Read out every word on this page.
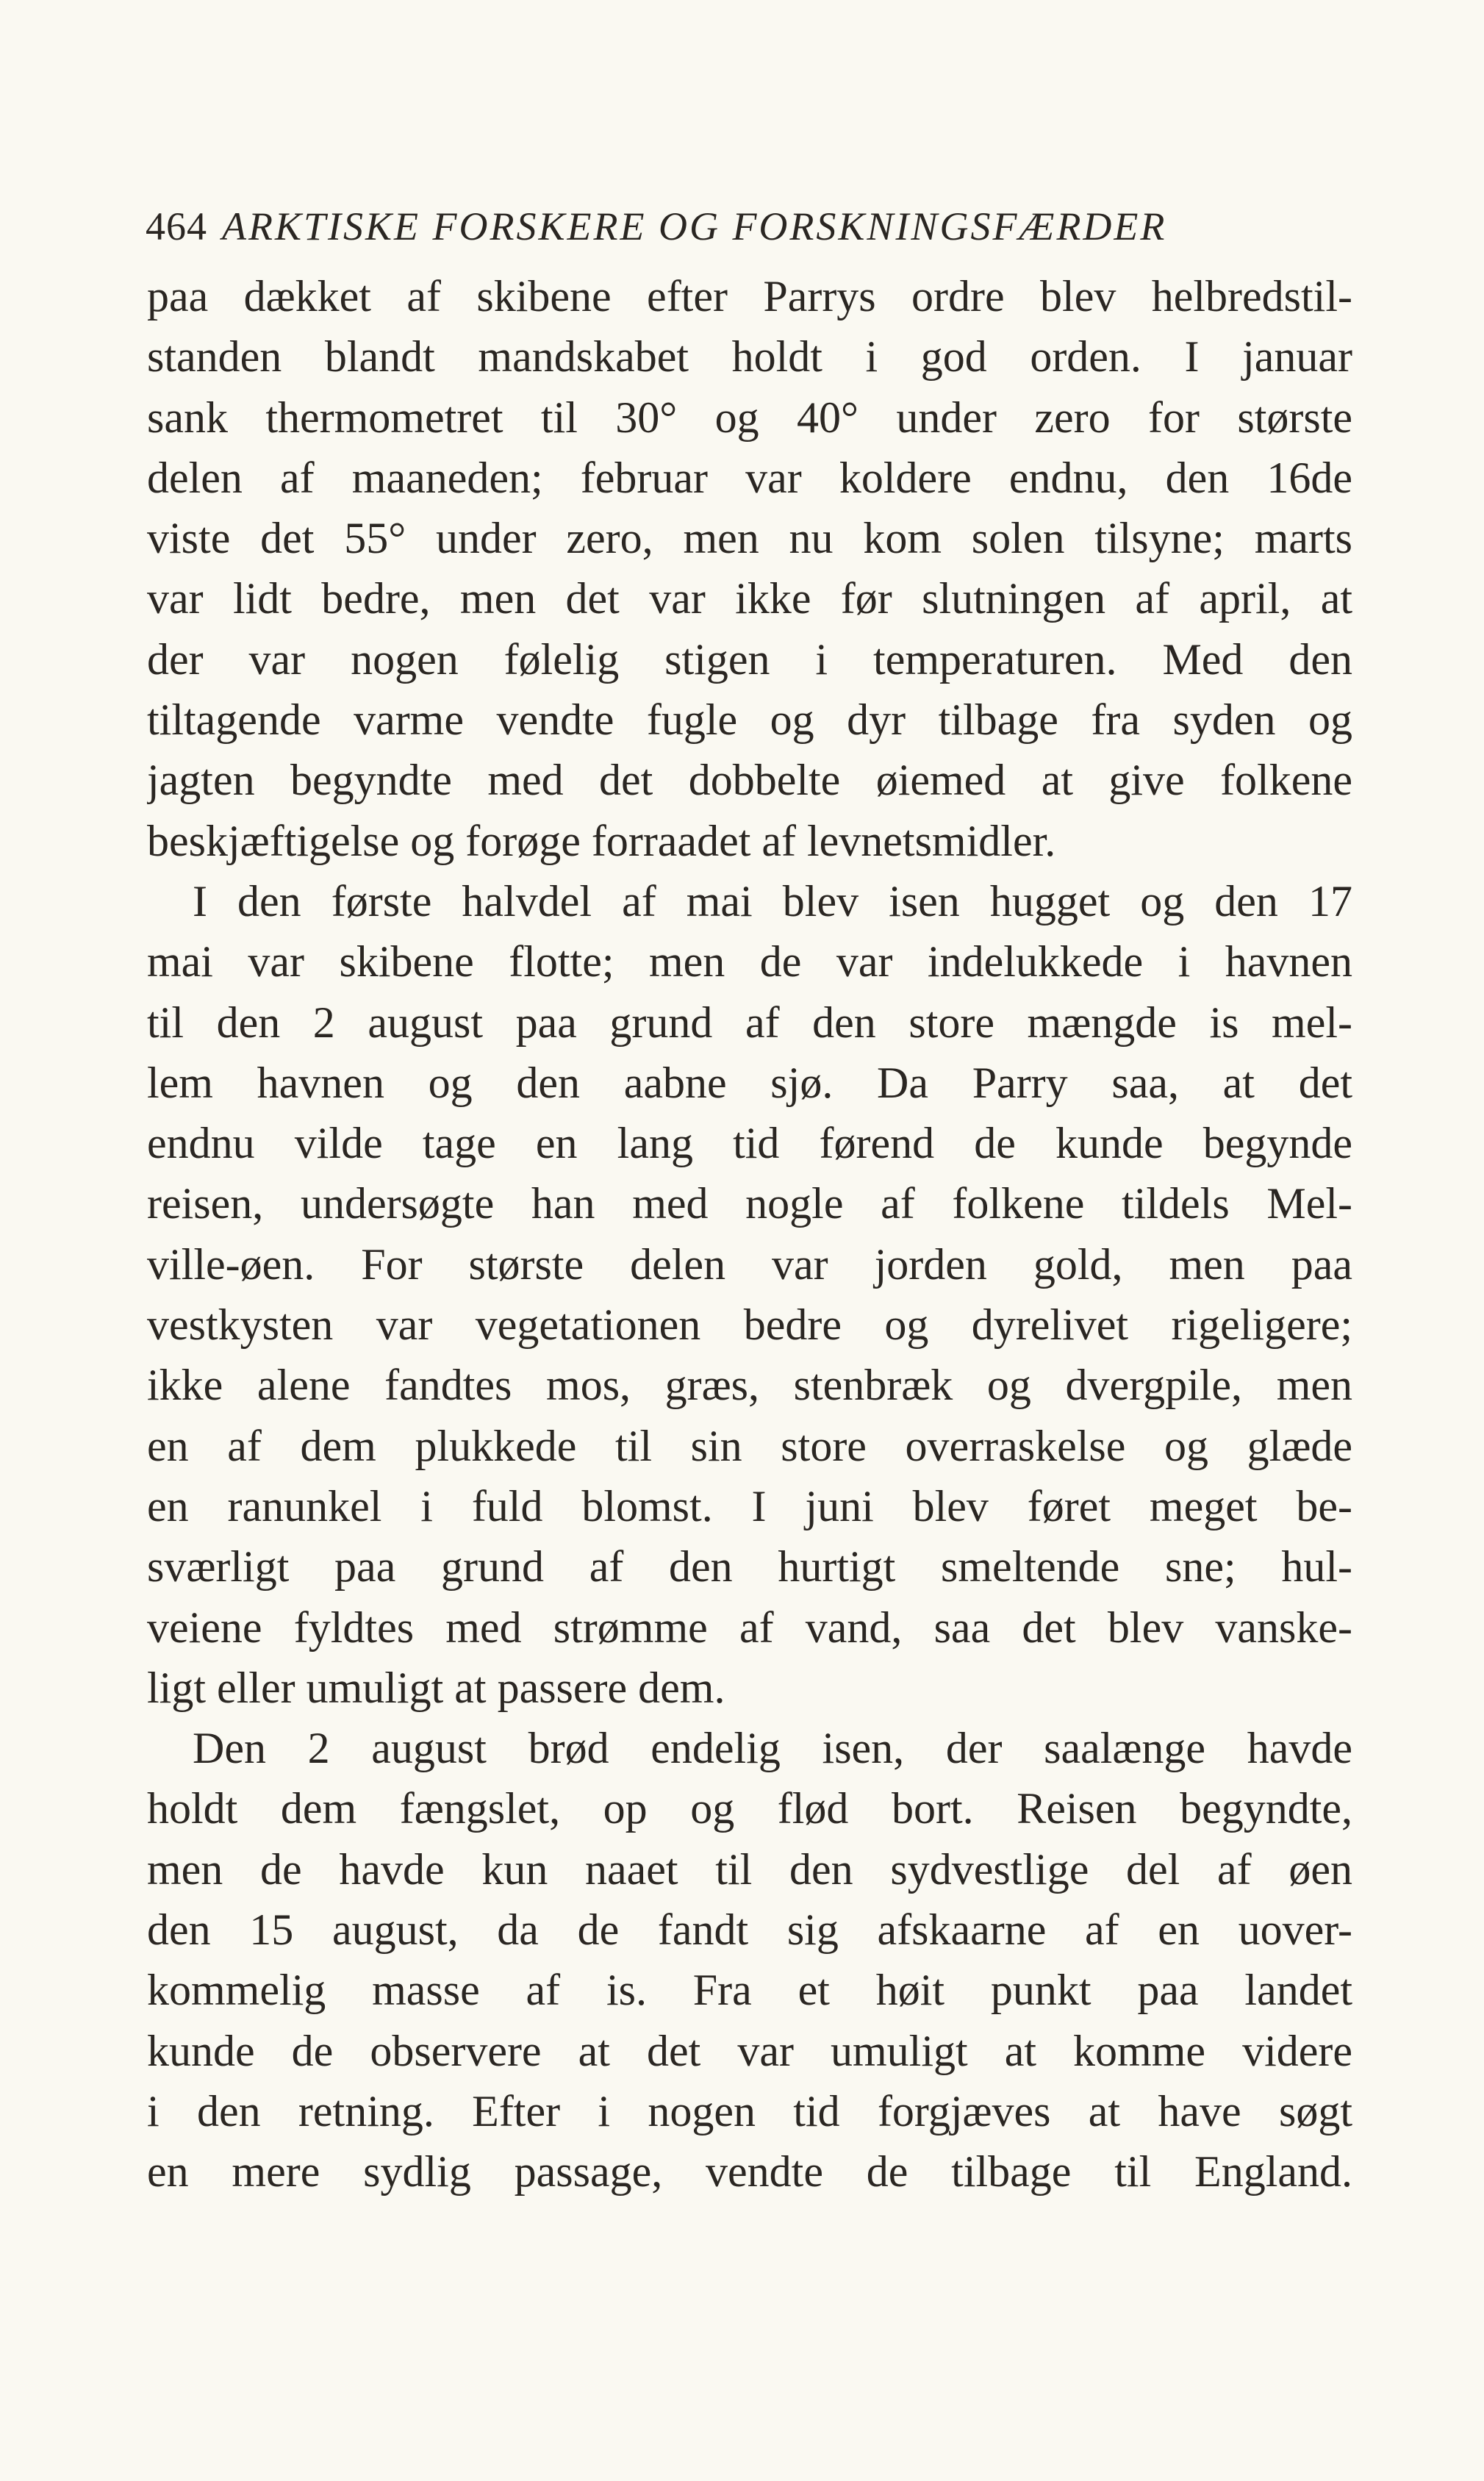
464 ARKTISKE FORSKERE OG FORSKNINGSFÆRDER
paa dækket af skibene efter Parrys ordre blev helbredstil-
standen blandt mandskabet holdt i god orden. I januar
sank thermometret til 30° og 40° under zero for største
delen af maaneden; februar var koldere endnu, den 16de
viste det 55° under zero, men nu kom solen tilsyne; marts
var lidt bedre, men det var ikke før slutningen af april, at
der var nogen følelig stigen i temperaturen. Med den
tiltagende varme vendte fugle og dyr tilbage fra syden og
jagten begyndte med det dobbelte øiemed at give folkene
beskjæftigelse og forøge forraadet af levnetsmidler.
I den første halvdel af mai blev isen hugget og den 17
mai var skibene flotte; men de var indelukkede i havnen
til den 2 august paa grund af den store mængde is mel-
lem havnen og den aabne sjø. Da Parry saa, at det
endnu vilde tage en lang tid førend de kunde begynde
reisen, undersøgte han med nogle af folkene tildels Mel-
ville-øen. For største delen var jorden gold, men paa
vestkysten var vegetationen bedre og dyrelivet rigeligere;
ikke alene fandtes mos, græs, stenbræk og dvergpile, men
en af dem plukkede til sin store overraskelse og glæde
en ranunkel i fuld blomst. I juni blev føret meget be-
sværligt paa grund af den hurtigt smeltende sne; hul-
veiene fyldtes med strømme af vand, saa det blev vanske-
ligt eller umuligt at passere dem.
Den 2 august brød endelig isen, der saalænge havde
holdt dem fængslet, op og flød bort. Reisen begyndte,
men de havde kun naaet til den sydvestlige del af øen
den 15 august, da de fandt sig afskaarne af en uover-
kommelig masse af is. Fra et høit punkt paa landet
kunde de observere at det var umuligt at komme videre
i den retning. Efter i nogen tid forgjæves at have søgt
en mere sydlig passage, vendte de tilbage til England.
